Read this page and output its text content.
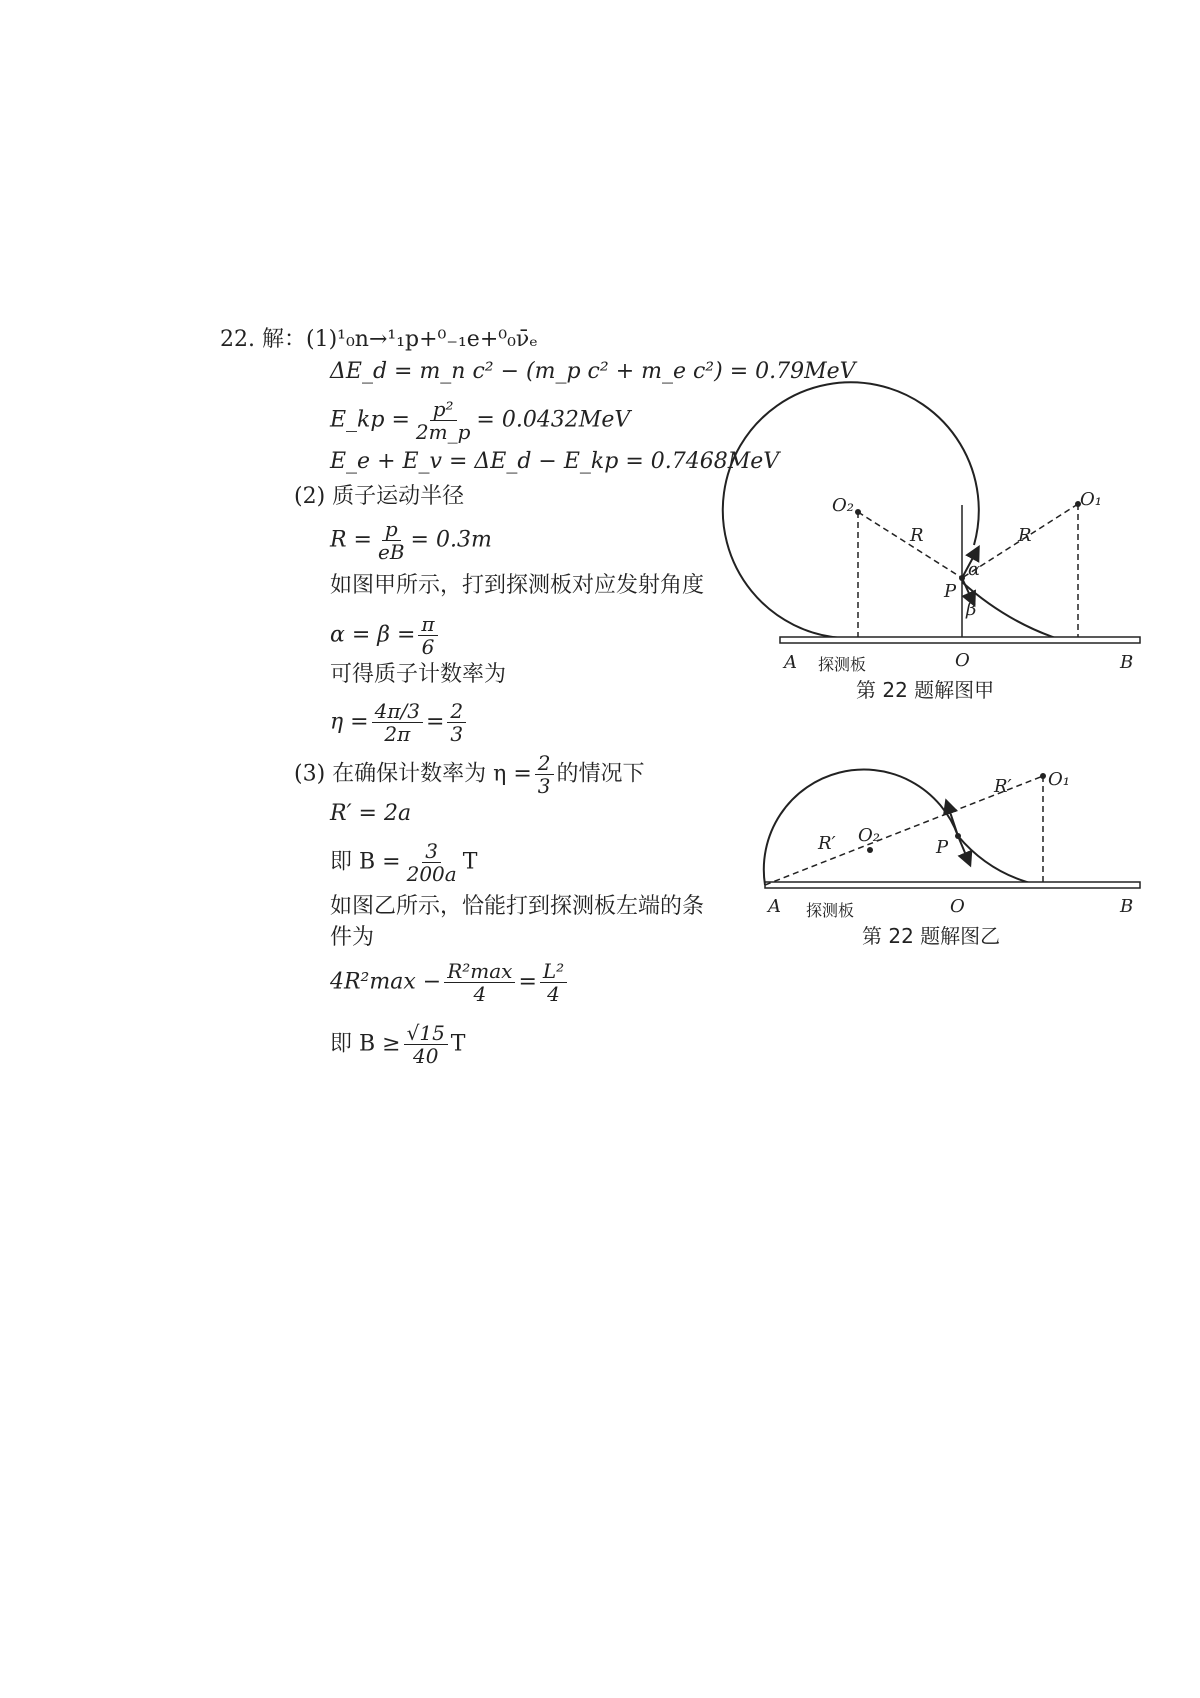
22. 解：(1)¹₀n→¹₁p+⁰₋₁e+⁰₀ν̄ₑ
ΔE_d = m_n c² − (m_p c² + m_e c²) = 0.79MeV
E_kp = $\frac{\text{p²}}{2m\_p} = 0.0432MeV$
E_e + E_v = ΔE_d − E_kp = 0.7468MeV
(2) 质子运动半径
$R = \frac{p}{eB} = 0.3m$
如图甲所示，打到探测板对应发射角度
$\alpha = \beta = \frac{\pi}{6}$
可得质子计数率为
$\eta = \frac{4\pi/3}{2\pi} = \frac{2}{3}$
(3) 在确保计数率为 $\eta = \frac{2}{3}$ 的情况下
R′ = 2a
即 $B = \frac{3}{200a}$ T
如图乙所示，恰能打到探测板左端的条
件为
$4R^2\max - \frac{\text{R²max}}{4} = \frac{\text{L²}}{4}$
即 $B \ge \frac{√15}{40}$ T
O₂	O₁
R	R
P
α
β
A 探测板	O	B
第 22 题解图甲
R′ O₁
R′ O₂
P
A 探测板	O	B
第 22 题解图乙
